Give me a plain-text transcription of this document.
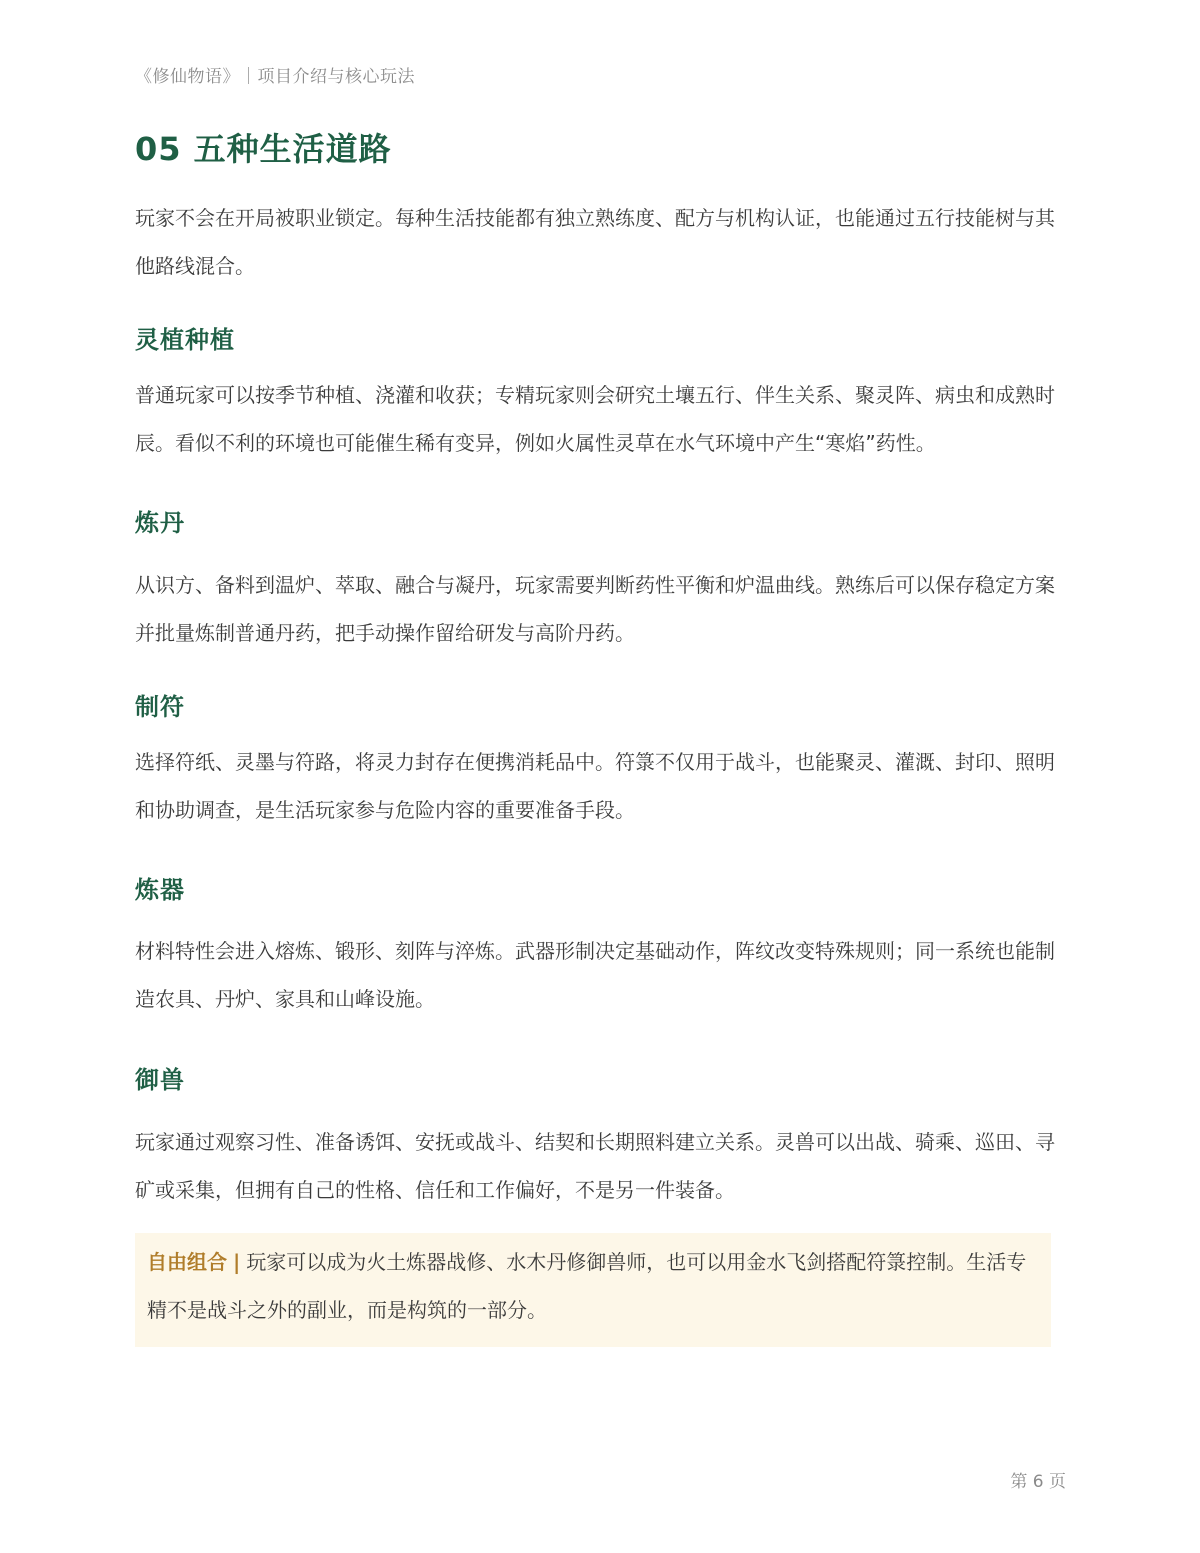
《修仙物语》｜项目介绍与核心玩法
05 五种生活道路

玩家不会在开局被职业锁定。每种生活技能都有独立熟练度、配方与机构认证，也能通过五行技能树与其他路线混合。

灵植种植

普通玩家可以按季节种植、浇灌和收获；专精玩家则会研究土壤五行、伴生关系、聚灵阵、病虫和成熟时辰。看似不利的环境也可能催生稀有变异，例如火属性灵草在水气环境中产生“寒焰”药性。

炼丹

从识方、备料到温炉、萃取、融合与凝丹，玩家需要判断药性平衡和炉温曲线。熟练后可以保存稳定方案并批量炼制普通丹药，把手动操作留给研发与高阶丹药。

制符

选择符纸、灵墨与符路，将灵力封存在便携消耗品中。符箓不仅用于战斗，也能聚灵、灌溉、封印、照明和协助调查，是生活玩家参与危险内容的重要准备手段。

炼器

材料特性会进入熔炼、锻形、刻阵与淬炼。武器形制决定基础动作，阵纹改变特殊规则；同一系统也能制造农具、丹炉、家具和山峰设施。

御兽

玩家通过观察习性、准备诱饵、安抚或战斗、结契和长期照料建立关系。灵兽可以出战、骑乘、巡田、寻矿或采集，但拥有自己的性格、信任和工作偏好，不是另一件装备。

自由组合 | 玩家可以成为火土炼器战修、水木丹修御兽师，也可以用金水飞剑搭配符箓控制。生活专精不是战斗之外的副业，而是构筑的一部分。
第 6 页
